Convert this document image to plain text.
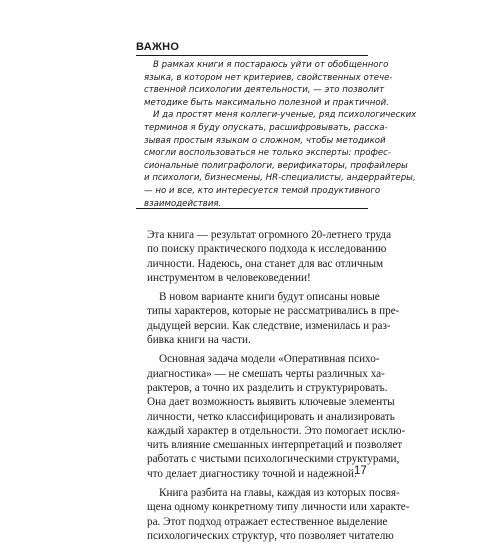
ВАЖНО

В рамках книги я постараюсь уйти от обобщенного

языка, в котором нет критериев, свойственных отече-

ственной психологии деятельности, — это позволит

методике быть максимально полезной и практичной.

И да простят меня коллеги-ученые, ряд психологических

терминов я буду опускать, расшифровывать, расска-

зывая простым языком о сложном, чтобы методикой

смогли воспользоваться не только эксперты: профес-

сиональные полиграфологи, верификаторы, профайлеры

и психологи, бизнесмены, HR-специалисты, андеррайтеры,

— но и все, кто интересуется темой продуктивного

взаимодействия.

Эта книга — результат огромного 20-летнего труда

по поиску практического подхода к исследованию

личности. Надеюсь, она станет для вас отличным

инструментом в человековедении!

В новом варианте книги будут описаны новые

типы характеров, которые не рассматривались в пре-

дыдущей версии. Как следствие, изменилась и раз-

бивка книги на части.

Основная задача модели «Оперативная психо-

диагностика» — не смешать черты различных ха-

рактеров, а точно их разделить и структурировать.

Она дает возможность выявить ключевые элементы

личности, четко классифицировать и анализировать

каждый характер в отдельности. Это помогает исклю-

чить влияние смешанных интерпретаций и позволяет

работать с чистыми психологическими структурами,

что делает диагностику точной и надежной.

Книга разбита на главы, каждая из которых посвя-

щена одному конкретному типу личности или характе-

ра. Этот подход отражает естественное выделение

психологических структур, что позволяет читателю

17
